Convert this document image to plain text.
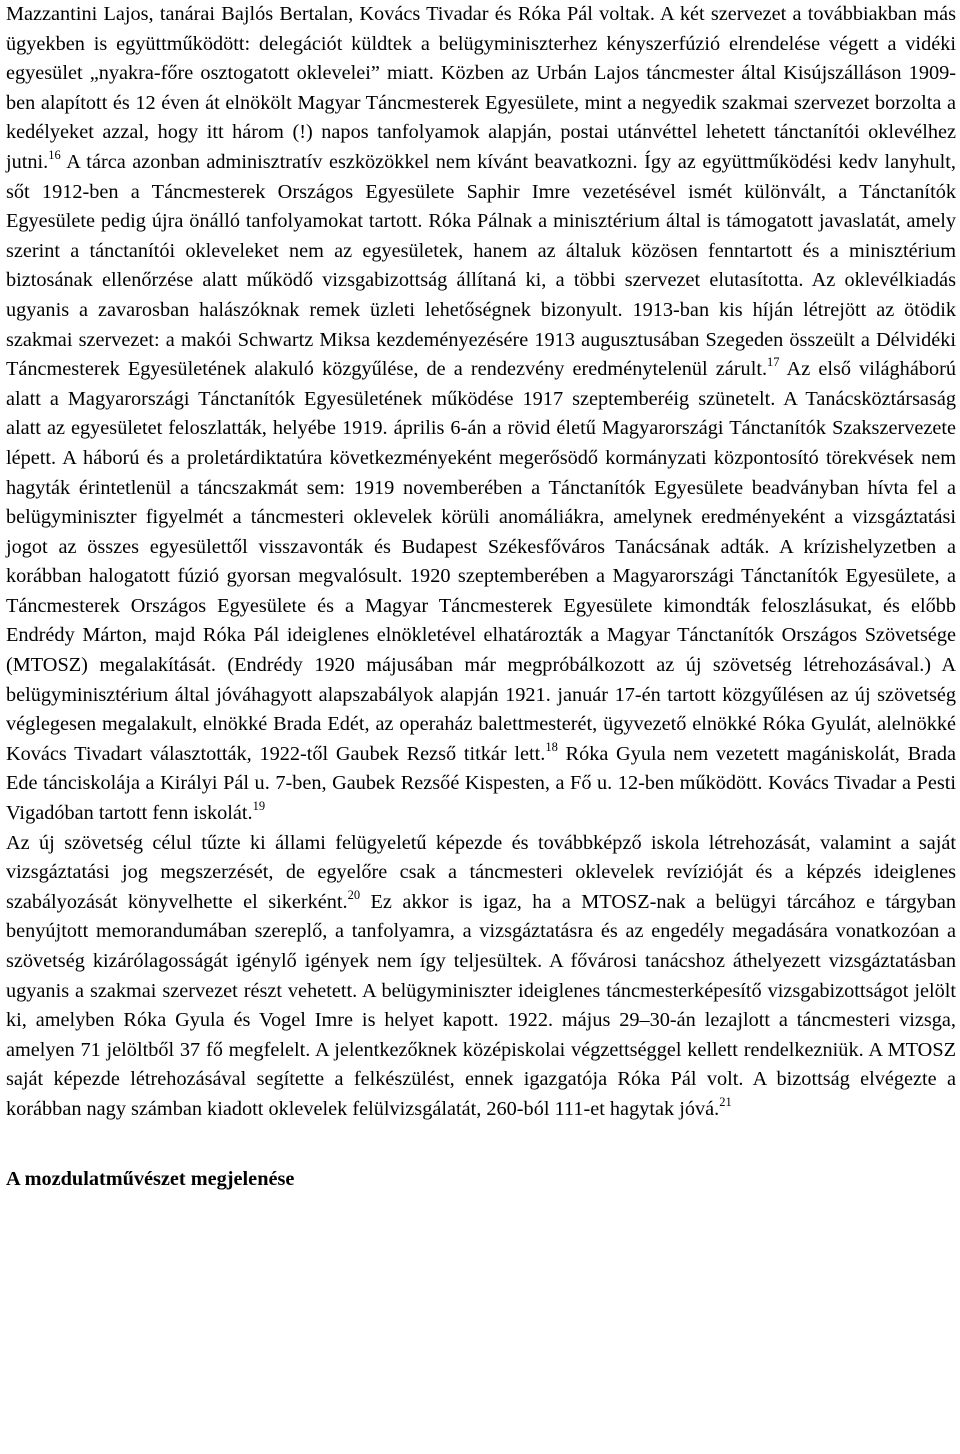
Mazzantini Lajos, tanárai Bajlós Bertalan, Kovács Tivadar és Róka Pál voltak. A két szervezet a továbbiakban más ügyekben is együttműködött: delegációt küldtek a belügyminiszterhez kényszerfúzió elrendelése végett a vidéki egyesület „nyakra-főre osztogatott oklevelei” miatt. Közben az Urbán Lajos táncmester által Kisújszálláson 1909-ben alapított és 12 éven át elnökölt Magyar Táncmesterek Egyesülete, mint a negyedik szakmai szervezet borzolta a kedélyeket azzal, hogy itt három (!) napos tanfolyamok alapján, postai utánvéttel lehetett tánctanítói oklevélhez jutni.$^{16}$ A tárca azonban adminisztratív eszközökkel nem kívánt beavatkozni. Így az együttműködési kedv lanyhult, sőt 1912-ben a Táncmesterek Országos Egyesülete Saphir Imre vezetésével ismét különvált, a Tánctanítók Egyesülete pedig újra önálló tanfolyamokat tartott. Róka Pálnak a minisztérium által is támogatott javaslatát, amely szerint a tánctanítói okleveleket nem az egyesületek, hanem az általuk közösen fenntartott és a minisztérium biztosának ellenőrzése alatt működő vizsgabizottság állítaná ki, a többi szervezet elutasította. Az oklevélkiadás ugyanis a zavarosban halászóknak remek üzleti lehetőségnek bizonyult. 1913-ban kis híján létrejött az ötödik szakmai szervezet: a makói Schwartz Miksa kezdeményezésére 1913 augusztusában Szegeden összeült a Délvidéki Táncmesterek Egyesületének alakuló közgyűlése, de a rendezvény eredménytelenül zárult.$^{17}$ Az első világháború alatt a Magyarországi Tánctanítók Egyesületének működése 1917 szeptemberéig szünetelt. A Tanácsköztársaság alatt az egyesületet feloszlatták, helyébe 1919. április 6-án a rövid életű Magyarországi Tánctanítók Szakszervezete lépett. A háború és a proletárdiktatúra következményeként megerősödő kormányzati központosító törekvések nem hagyták érintetlenül a táncszakmát sem: 1919 novemberében a Tánctanítók Egyesülete beadványban hívta fel a belügyminiszter figyelmét a táncmesteri oklevelek körüli anomáliákra, amelynek eredményeként a vizsgáztatási jogot az összes egyesülettől visszavonták és Budapest Székesfőváros Tanácsának adták. A krízishelyzetben a korábban halogatott fúzió gyorsan megvalósult. 1920 szeptemberében a Magyarországi Tánctanítók Egyesülete, a Táncmesterek Országos Egyesülete és a Magyar Táncmesterek Egyesülete kimondták feloszlásukat, és előbb Endrédy Márton, majd Róka Pál ideiglenes elnökletével elhatározták a Magyar Tánctanítók Országos Szövetsége (MTOSZ) megalakítását. (Endrédy 1920 májusában már megpróbálkozott az új szövetség létrehozásával.) A belügyminisztérium által jóváhagyott alapszabályok alapján 1921. január 17-én tartott közgyűlésen az új szövetség véglegesen megalakult, elnökké Brada Edét, az operaház balettmesterét, ügyvezető elnökké Róka Gyulát, alelnökké Kovács Tivadart választották, 1922-től Gaubek Rezső titkár lett.$^{18}$ Róka Gyula nem vezetett magániskolát, Brada Ede tánciskolája a Királyi Pál u. 7-ben, Gaubek Rezsőé Kispesten, a Fő u. 12-ben működött. Kovács Tivadar a Pesti Vigadóban tartott fenn iskolát.$^{19}$

Az új szövetség célul tűzte ki állami felügyeletű képezde és továbbképző iskola létrehozását, valamint a saját vizsgáztatási jog megszerzését, de egyelőre csak a táncmesteri oklevelek revízióját és a képzés ideiglenes szabályozását könyvelhette el sikerként.$^{20}$ Ez akkor is igaz, ha a MTOSZ-nak a belügyi tárcához e tárgyban benyújtott memorandumában szereplő, a tanfolyamra, a vizsgáztatásra és az engedély megadására vonatkozóan a szövetség kizárólagosságát igénylő igények nem így teljesültek. A fővárosi tanácshoz áthelyezett vizsgáztatásban ugyanis a szakmai szervezet részt vehetett. A belügyminiszter ideiglenes táncmesterképesítő vizsgabizottságot jelölt ki, amelyben Róka Gyula és Vogel Imre is helyet kapott. 1922. május 29–30-án lezajlott a táncmesteri vizsga, amelyen 71 jelöltből 37 fő megfelelt. A jelentkezőknek középiskolai végzettséggel kellett rendelkezniük. A MTOSZ saját képezde létrehozásával segítette a felkészülést, ennek igazgatója Róka Pál volt. A bizottság elvégezte a korábban nagy számban kiadott oklevelek felülvizsgálatát, 260-ból 111-et hagytak jóvá.$^{21}$

A mozdulatművészet megjelenése
